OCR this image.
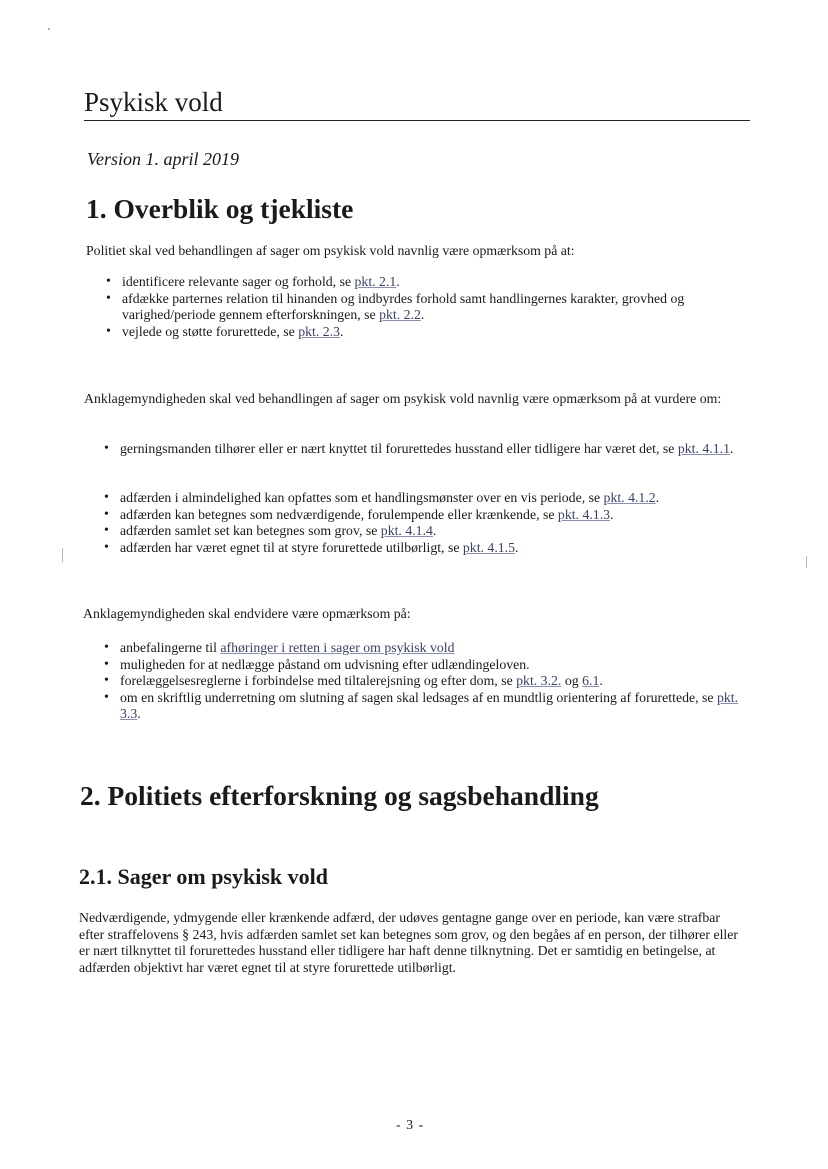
Psykisk vold
Version 1. april 2019
1. Overblik og tjekliste
Politiet skal ved behandlingen af sager om psykisk vold navnlig være opmærksom på at:
• identificere relevante sager og forhold, se pkt. 2.1.
• afdække parternes relation til hinanden og indbyrdes forhold samt handlingernes karakter, grovhed og varighed/periode gennem efterforskningen, se pkt. 2.2.
• vejlede og støtte forurettede, se pkt. 2.3.
Anklagemyndigheden skal ved behandlingen af sager om psykisk vold navnlig være opmærksom på at vurdere om:
• gerningsmanden tilhører eller er nært knyttet til forurettedes husstand eller tidligere har været det, se pkt. 4.1.1.
• adfærden i almindelighed kan opfattes som et handlingsmønster over en vis periode, se pkt. 4.1.2.
• adfærden kan betegnes som nedværdigende, forulempende eller krænkende, se pkt. 4.1.3.
• adfærden samlet set kan betegnes som grov, se pkt. 4.1.4.
• adfærden har været egnet til at styre forurettede utilbørligt, se pkt. 4.1.5.
Anklagemyndigheden skal endvidere være opmærksom på:
• anbefalingerne til afhøringer i retten i sager om psykisk vold
• muligheden for at nedlægge påstand om udvisning efter udlændingeloven.
• forelæggelsesreglerne i forbindelse med tiltalerejsning og efter dom, se pkt. 3.2. og 6.1.
• om en skriftlig underretning om slutning af sagen skal ledsages af en mundtlig orientering af forurettede, se pkt. 3.3.
2. Politiets efterforskning og sagsbehandling
2.1. Sager om psykisk vold
Nedværdigende, ydmygende eller krænkende adfærd, der udøves gentagne gange over en periode, kan være strafbar efter straffelovens § 243, hvis adfærden samlet set kan betegnes som grov, og den begåes af en person, der tilhører eller er nært tilknyttet til forurettedes husstand eller tidligere har haft denne tilknytning. Det er samtidig en betingelse, at adfærden objektivt har været egnet til at styre forurettede utilbørligt.
- 3 -
